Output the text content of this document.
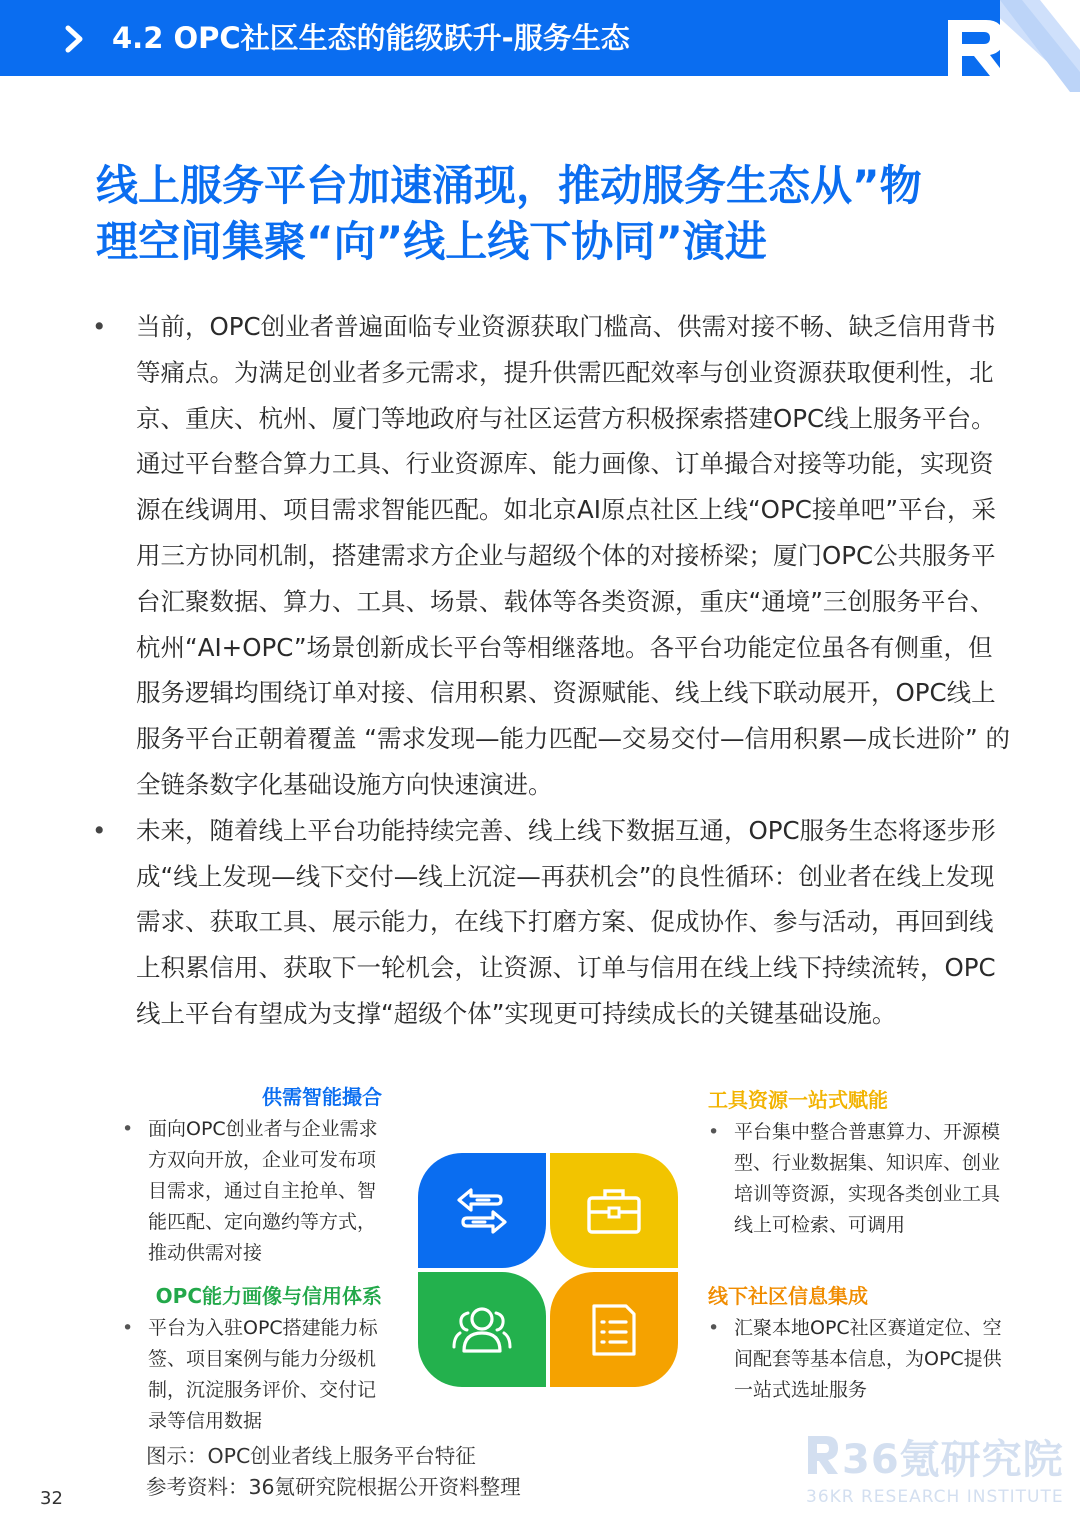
4.2 OPC社区生态的能级跃升-服务生态
线上服务平台加速涌现，推动服务生态从”物
理空间集聚“向”线上线下协同”演进
• 当前，OPC创业者普遍面临专业资源获取门槛高、供需对接不畅、缺乏信用背书等痛点。为满足创业者多元需求，提升供需匹配效率与创业资源获取便利性，北京、重庆、杭州、厦门等地政府与社区运营方积极探索搭建OPC线上服务平台。通过平台整合算力工具、行业资源库、能力画像、订单撮合对接等功能，实现资源在线调用、项目需求智能匹配。如北京AI原点社区上线“OPC接单吧”平台，采用三方协同机制，搭建需求方企业与超级个体的对接桥梁；厦门OPC公共服务平台汇聚数据、算力、工具、场景、载体等各类资源，重庆“通境”三创服务平台、杭州“AI+OPC”场景创新成长平台等相继落地。各平台功能定位虽各有侧重，但服务逻辑均围绕订单对接、信用积累、资源赋能、线上线下联动展开，OPC线上服务平台正朝着覆盖 “需求发现—能力匹配—交易交付—信用积累—成长进阶” 的全链条数字化基础设施方向快速演进。
• 未来，随着线上平台功能持续完善、线上线下数据互通，OPC服务生态将逐步形成“线上发现—线下交付—线上沉淀—再获机会”的良性循环：创业者在线上发现需求、获取工具、展示能力，在线下打磨方案、促成协作、参与活动，再回到线上积累信用、获取下一轮机会，让资源、订单与信用在线上线下持续流转，OPC线上平台有望成为支撑“超级个体”实现更可持续成长的关键基础设施。
供需智能撮合
• 面向OPC创业者与企业需求方双向开放，企业可发布项目需求，通过自主抢单、智能匹配、定向邀约等方式，推动供需对接
工具资源一站式赋能
• 平台集中整合普惠算力、开源模型、行业数据集、知识库、创业培训等资源，实现各类创业工具线上可检索、可调用
OPC能力画像与信用体系
• 平台为入驻OPC搭建能力标签、项目案例与能力分级机制，沉淀服务评价、交付记录等信用数据
线下社区信息集成
• 汇聚本地OPC社区赛道定位、空间配套等基本信息，为OPC提供一站式选址服务
图示：OPC创业者线上服务平台特征
参考资料：36氪研究院根据公开资料整理
32
36氪研究院
36KR RESEARCH INSTITUTE
